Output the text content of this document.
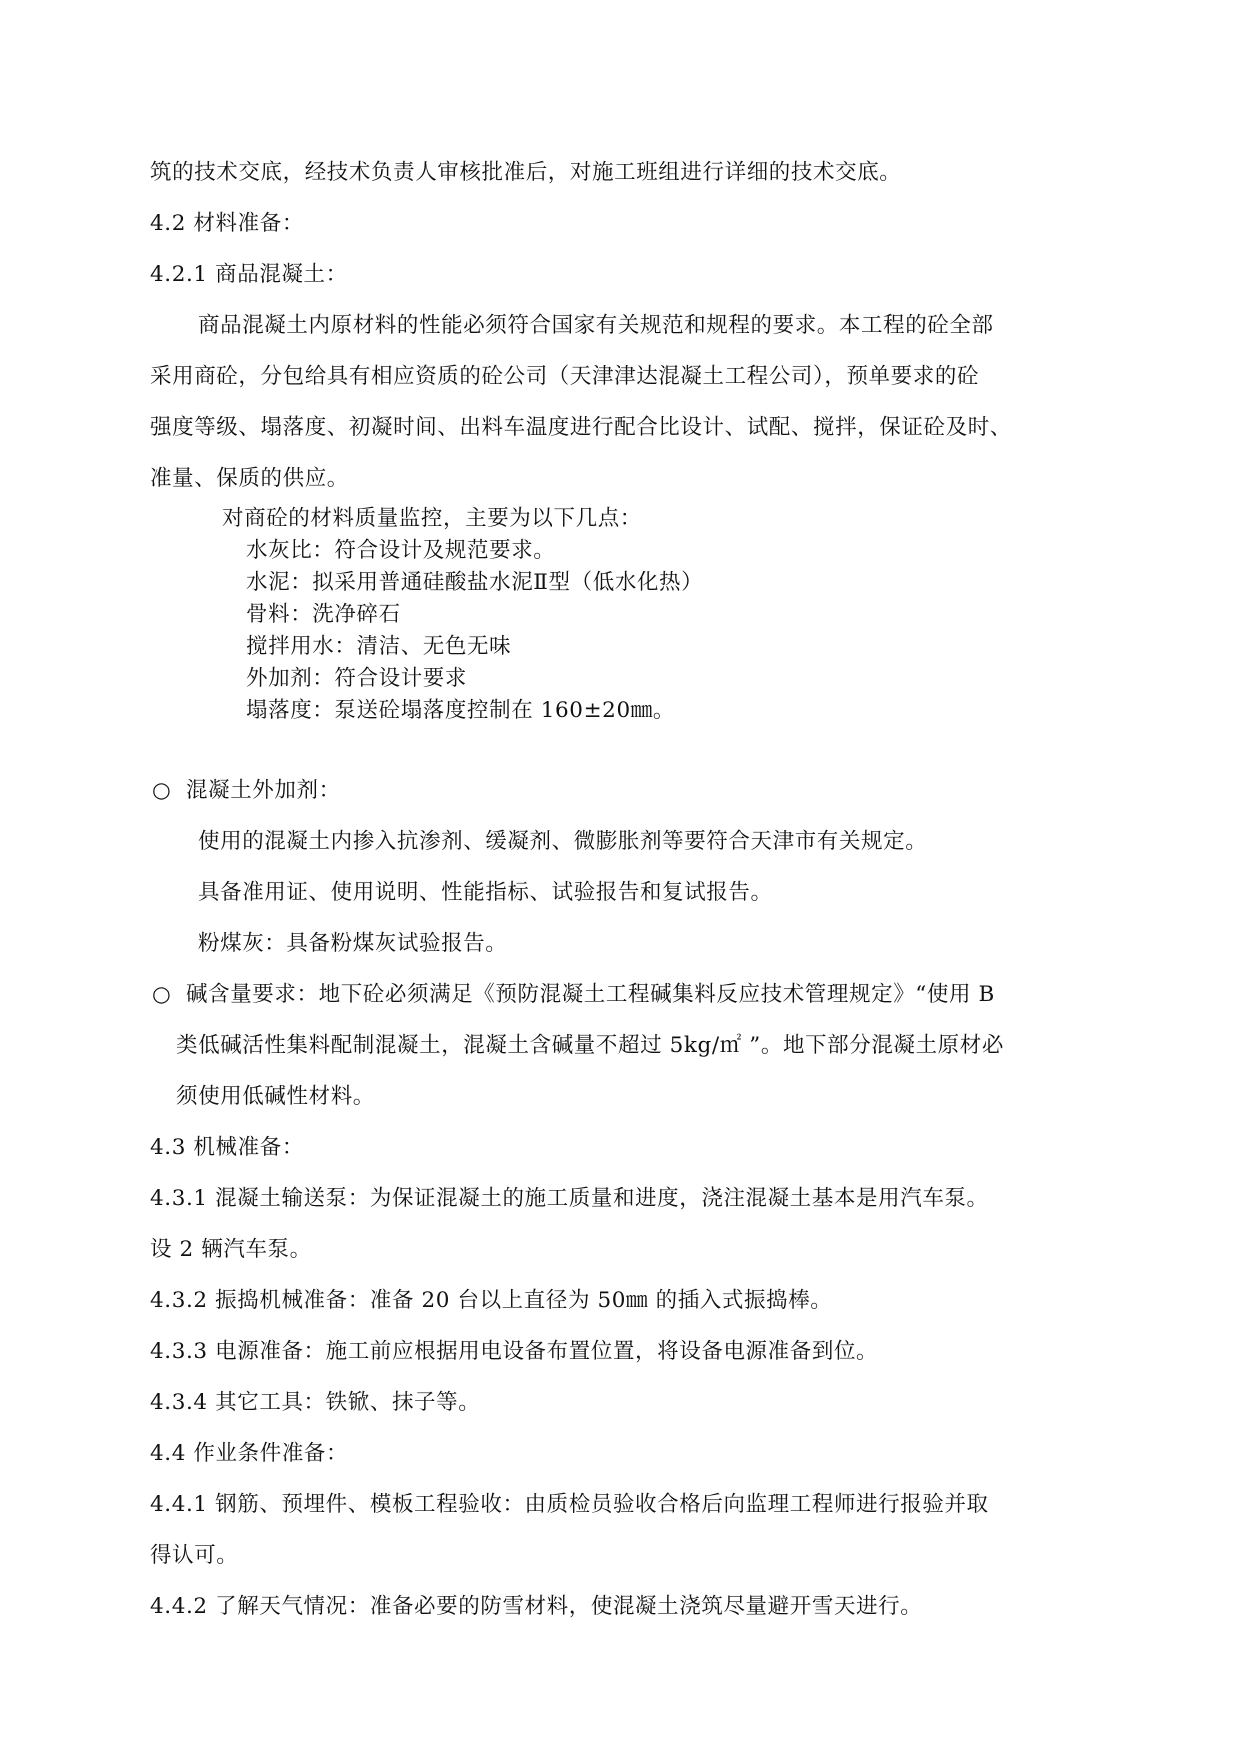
筑的技术交底，经技术负责人审核批准后，对施工班组进行详细的技术交底。
4.2 材料准备：
4.2.1 商品混凝土：
商品混凝土内原材料的性能必须符合国家有关规范和规程的要求。本工程的砼全部
采用商砼，分包给具有相应资质的砼公司（天津津达混凝土工程公司），预单要求的砼
强度等级、塌落度、初凝时间、出料车温度进行配合比设计、试配、搅拌，保证砼及时、
准量、保质的供应。
对商砼的材料质量监控，主要为以下几点：
水灰比：符合设计及规范要求。
水泥：拟采用普通硅酸盐水泥Ⅱ型（低水化热）
骨料：洗净碎石
搅拌用水：清洁、无色无味
外加剂：符合设计要求
塌落度：泵送砼塌落度控制在 160±20㎜。
○ 混凝土外加剂：
使用的混凝土内掺入抗渗剂、缓凝剂、微膨胀剂等要符合天津市有关规定。
具备准用证、使用说明、性能指标、试验报告和复试报告。
粉煤灰：具备粉煤灰试验报告。
○ 碱含量要求：地下砼必须满足《预防混凝土工程碱集料反应技术管理规定》“使用 B
类低碱活性集料配制混凝土，混凝土含碱量不超过 5kg/㎡ ”。地下部分混凝土原材必
须使用低碱性材料。
4.3 机械准备：
4.3.1 混凝土输送泵：为保证混凝土的施工质量和进度，浇注混凝土基本是用汽车泵。
设 2 辆汽车泵。
4.3.2 振捣机械准备：准备 20 台以上直径为 50㎜ 的插入式振捣棒。
4.3.3 电源准备：施工前应根据用电设备布置位置，将设备电源准备到位。
4.3.4 其它工具：铁锨、抹子等。
4.4 作业条件准备：
4.4.1 钢筋、预埋件、模板工程验收：由质检员验收合格后向监理工程师进行报验并取
得认可。
4.4.2 了解天气情况：准备必要的防雪材料，使混凝土浇筑尽量避开雪天进行。
